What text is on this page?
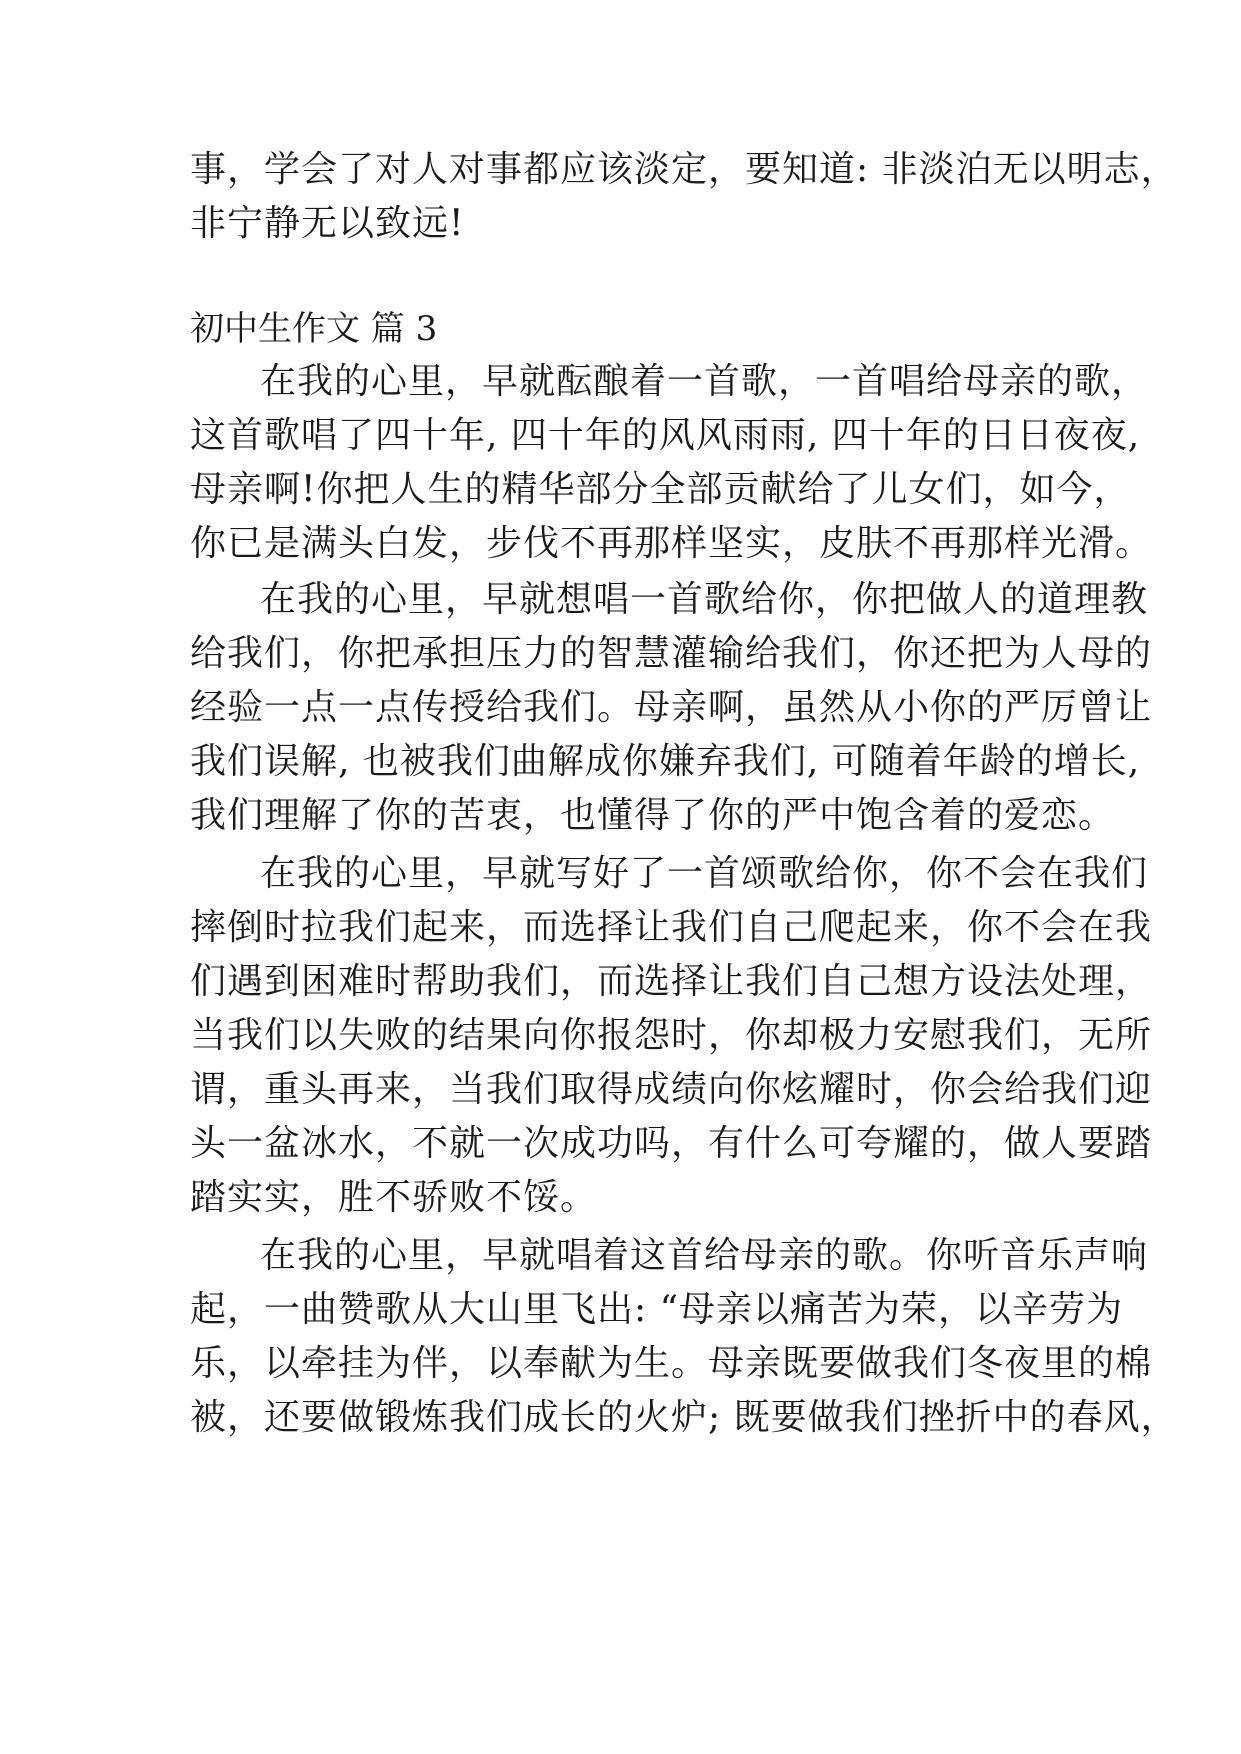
事，学会了对人对事都应该淡定，要知道: 非淡泊无以明志，
非宁静无以致远!
初中生作文 篇 3
在我的心里，早就酝酿着一首歌，一首唱给母亲的歌，
这首歌唱了四十年, 四十年的风风雨雨, 四十年的日日夜夜,
母亲啊!你把人生的精华部分全部贡献给了儿女们，如今，
你已是满头白发，步伐不再那样坚实，皮肤不再那样光滑。
在我的心里，早就想唱一首歌给你，你把做人的道理教
给我们，你把承担压力的智慧灌输给我们，你还把为人母的
经验一点一点传授给我们。母亲啊，虽然从小你的严厉曾让
我们误解, 也被我们曲解成你嫌弃我们, 可随着年龄的增长,
我们理解了你的苦衷，也懂得了你的严中饱含着的爱恋。
在我的心里，早就写好了一首颂歌给你，你不会在我们
摔倒时拉我们起来，而选择让我们自己爬起来，你不会在我
们遇到困难时帮助我们，而选择让我们自己想方设法处理，
当我们以失败的结果向你报怨时，你却极力安慰我们，无所
谓，重头再来，当我们取得成绩向你炫耀时，你会给我们迎
头一盆冰水，不就一次成功吗，有什么可夸耀的，做人要踏
踏实实，胜不骄败不馁。
在我的心里，早就唱着这首给母亲的歌。你听音乐声响
起，一曲赞歌从大山里飞出: “母亲以痛苦为荣，以辛劳为
乐，以牵挂为伴，以奉献为生。母亲既要做我们冬夜里的棉
被，还要做锻炼我们成长的火炉; 既要做我们挫折中的春风，
